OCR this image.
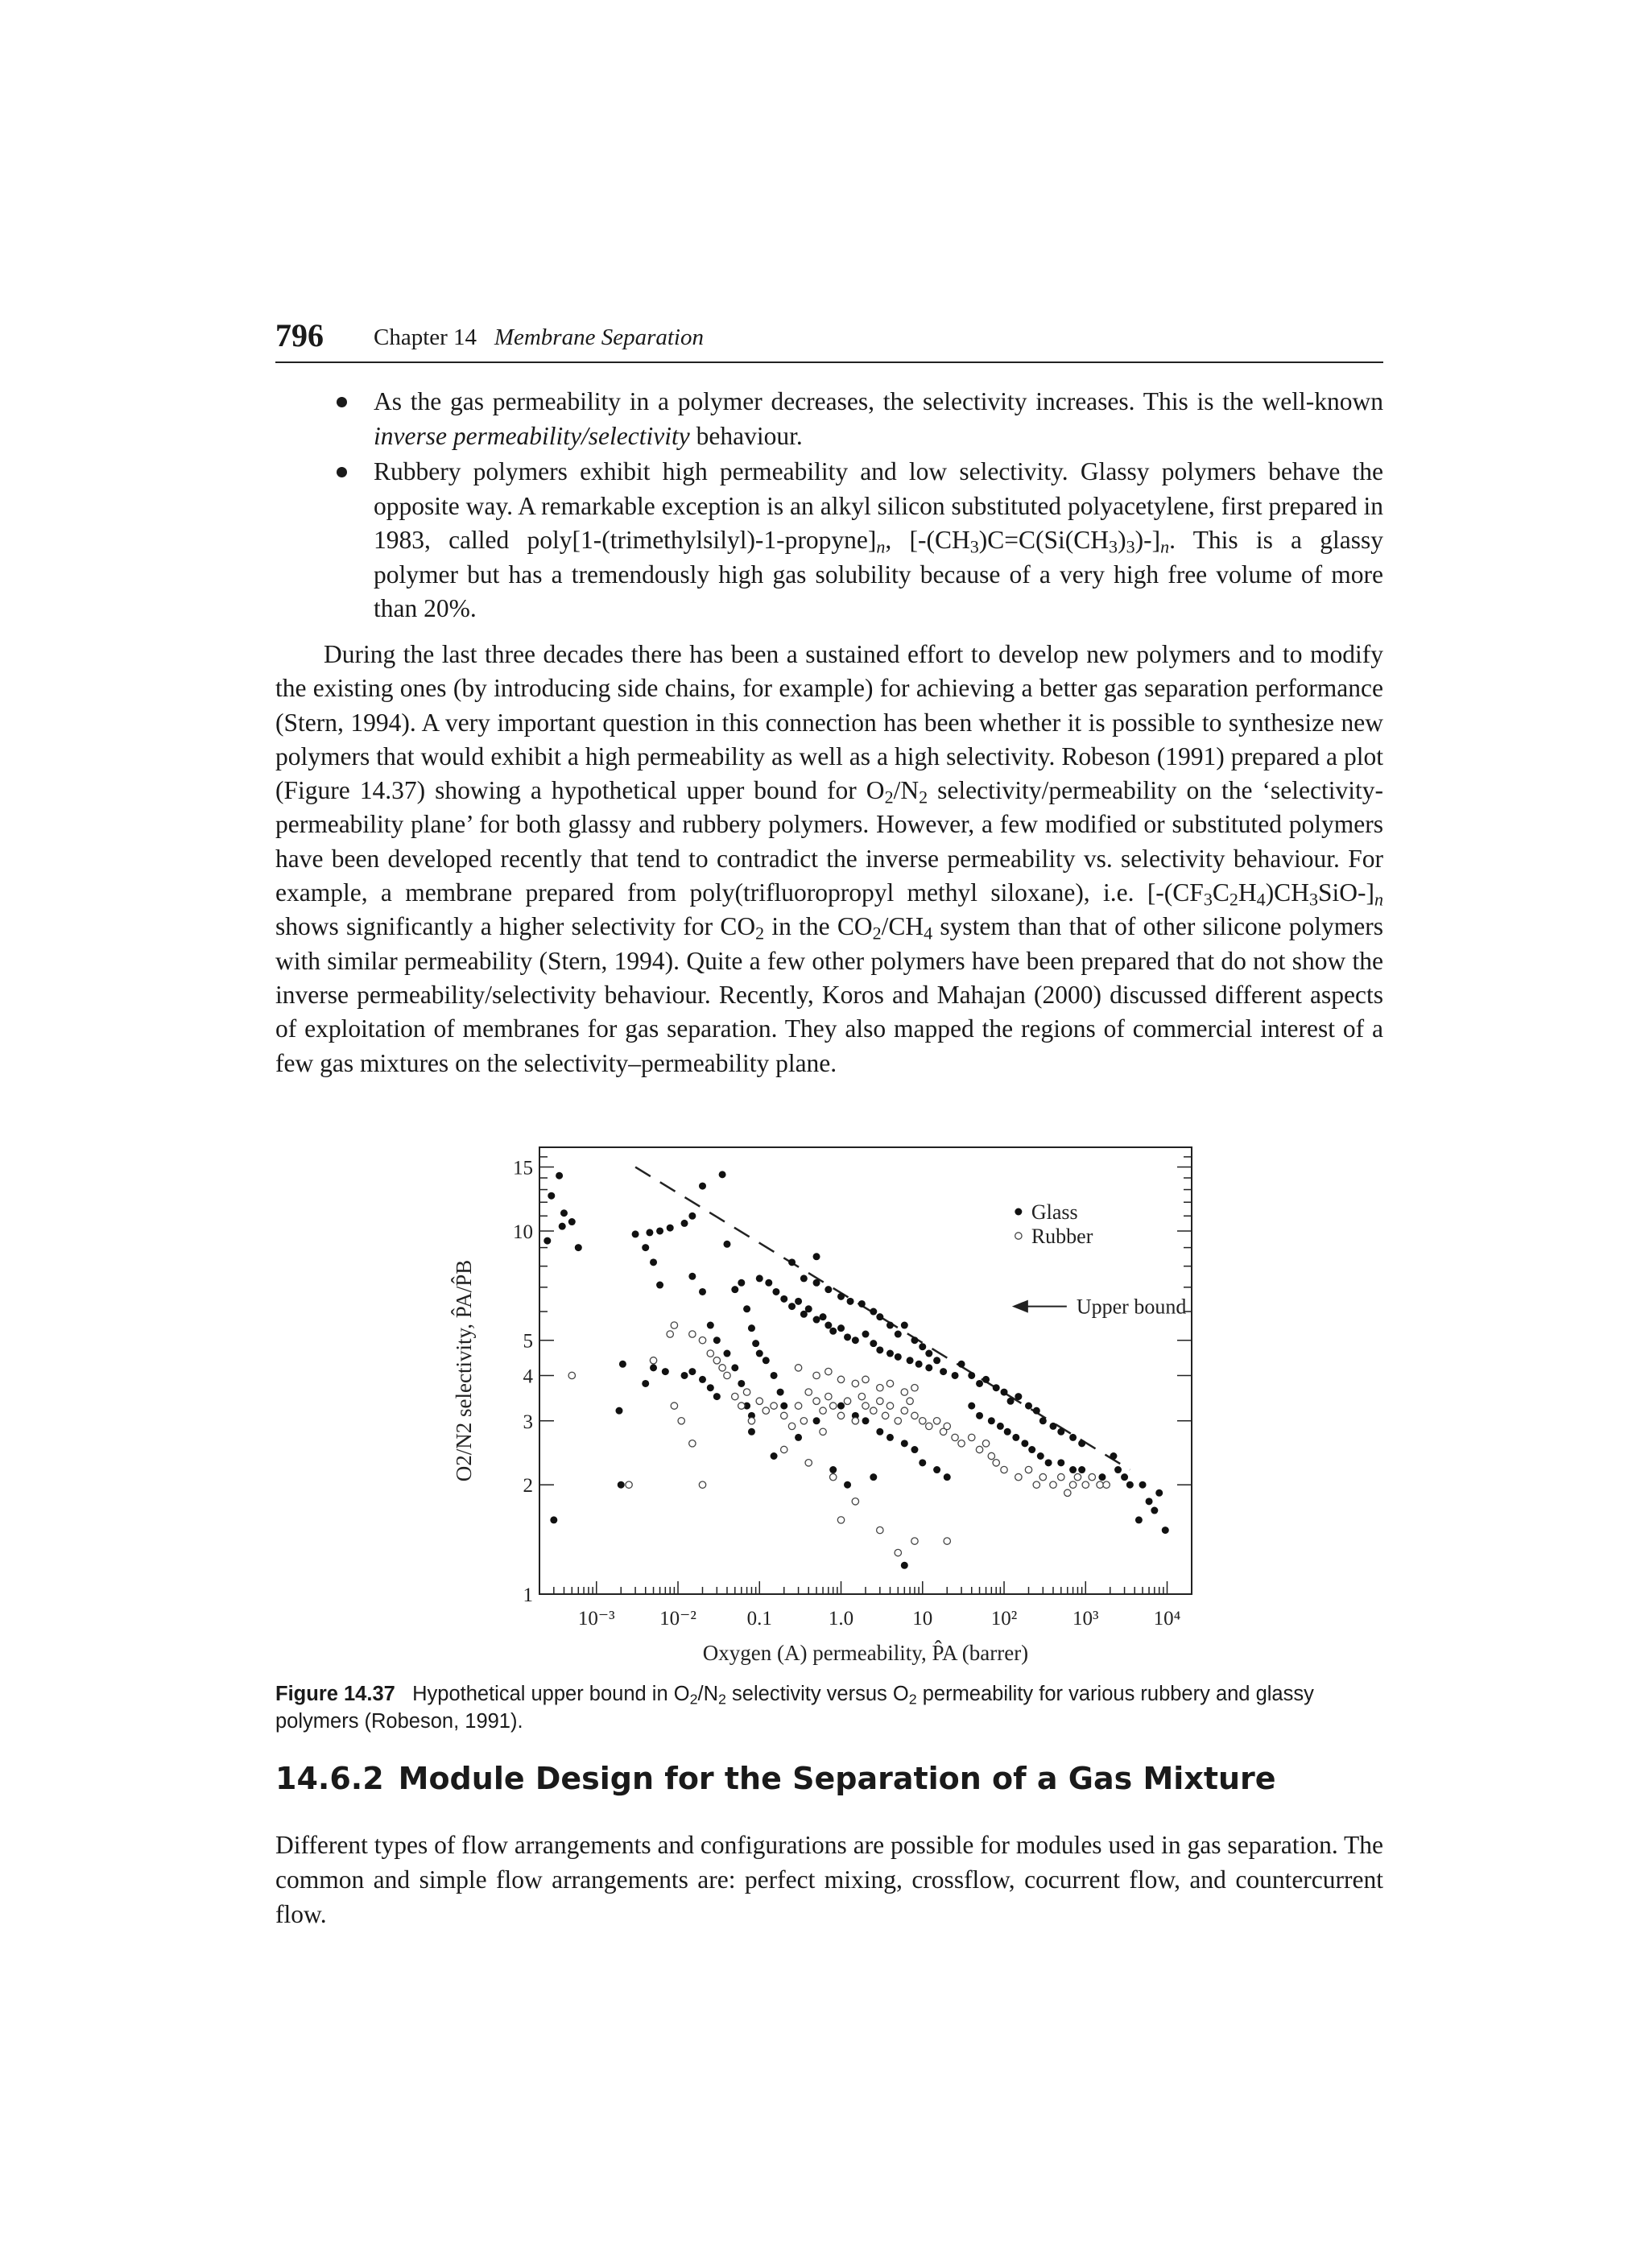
796 Chapter 14 Membrane Separation
As the gas permeability in a polymer decreases, the selectivity increases. This is the well-known inverse permeability/selectivity behaviour.
Rubbery polymers exhibit high permeability and low selectivity. Glassy polymers behave the opposite way. A remarkable exception is an alkyl silicon substituted polyacetylene, first prepared in 1983, called $poly[1-(trimethylsilyl)-1-propyne]_n$, $[-(CH_3)C=C(Si(CH_3)_3)-]_n$. This is a glassy polymer but has a tremendously high gas solubility because of a very high free volume of more than 20%.

During the last three decades there has been a sustained effort to develop new polymers and to modify the existing ones (by introducing side chains, for example) for achieving a better gas separation performance (Stern, 1994). A very important question in this connection has been whether it is possible to synthesize new polymers that would exhibit a high permeability as well as a high selectivity. Robeson (1991) prepared a plot (Figure 14.37) showing a hypothetical upper bound for $O_2/N_2$ selectivity/permeability on the ‘selectivity-permeability plane’ for both glassy and rubbery polymers. However, a few modified or substituted polymers have been developed recently that tend to contradict the inverse permeability vs. selectivity behaviour. For example, a membrane prepared from poly(trifluoropropyl methyl siloxane), i.e. $[-(CF_3C_2H_4)CH_3SiO-]_n$ shows significantly a higher selectivity for $CO_2$ in the $CO_2/CH_4$ system than that of other silicone polymers with similar permeability (Stern, 1994). Quite a few other polymers have been prepared that do not show the inverse permeability/selectivity behaviour. Recently, Koros and Mahajan (2000) discussed different aspects of exploitation of membranes for gas separation. They also mapped the regions of commercial interest of a few gas mixtures on the selectivity–permeability plane.

10⁻³ 10⁻²	0.1	1.0	10	10²	10³	10⁴
1
2
3
4
5
10
15
Oxygen (A) permeability, P̂A (barrer)
O2/N2 selectivity, P̂A/P̂B	Upper bound
Glass
Rubber

Figure 14.37 Hypothetical upper bound in $O_2/N_2$ selectivity versus $O_2$ permeability for various rubbery and glassy polymers (Robeson, 1991).

14.6.2 Module Design for the Separation of a Gas Mixture

Different types of flow arrangements and configurations are possible for modules used in gas separation. The common and simple flow arrangements are: perfect mixing, crossflow, cocurrent flow, and countercurrent flow.
